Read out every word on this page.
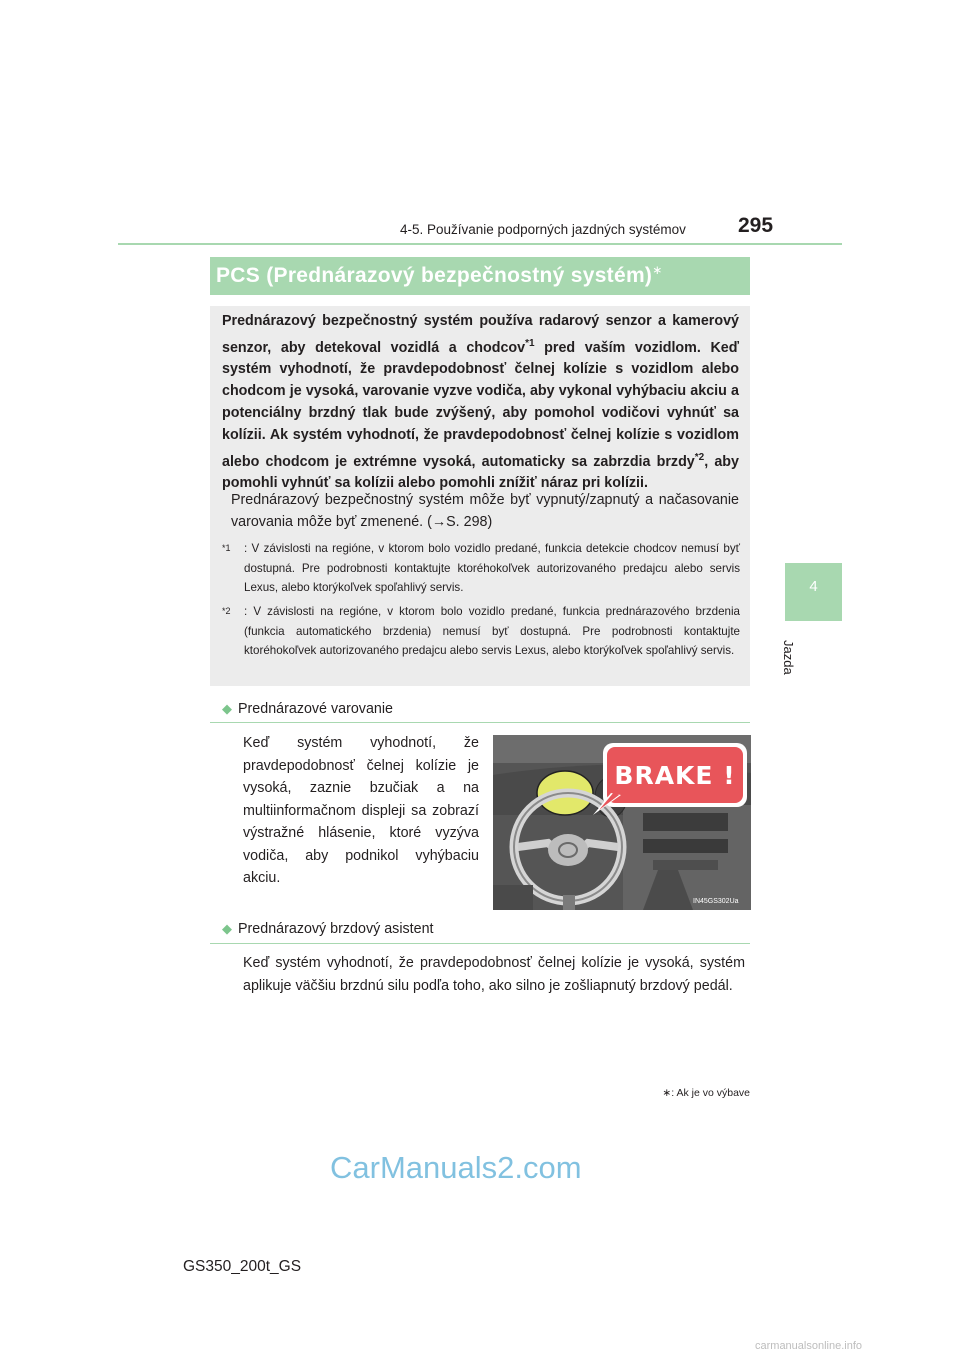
4-5. Používanie podporných jazdných systémov 295
4
Jazda
PCS (Prednárazový bezpečnostný systém)∗
Prednárazový bezpečnostný systém používa radarový senzor a kamerový senzor, aby detekoval vozidlá a chodcov$^{*1}$ pred vaším vozidlom. Keď systém vyhodnotí, že pravdepodobnosť čelnej kolízie s vozidlom alebo chodcom je vysoká, varovanie vyzve vodiča, aby vykonal vyhýbaciu akciu a potenciálny brzdný tlak bude zvýšený, aby pomohol vodičovi vyhnúť sa kolízii. Ak systém vyhodnotí, že pravdepodobnosť čelnej kolízie s vozidlom alebo chodcom je extrémne vysoká, automaticky sa zabrzdia brzdy$^{*2}$, aby pomohli vyhnúť sa kolízii alebo pomohli znížiť náraz pri kolízii.
Prednárazový bezpečnostný systém môže byť vypnutý/zapnutý a načasovanie varovania môže byť zmenené. (→S. 298)
$^{*1}$ : V závislosti na regióne, v ktorom bolo vozidlo predané, funkcia detekcie chodcov nemusí byť dostupná. Pre podrobnosti kontaktujte ktoréhokoľvek autorizovaného predajcu alebo servis Lexus, alebo ktorýkoľvek spoľahlivý servis.
$^{*2}$ : V závislosti na regióne, v ktorom bolo vozidlo predané, funkcia prednárazového brzdenia (funkcia automatického brzdenia) nemusí byť dostupná. Pre podrobnosti kontaktujte ktoréhokoľvek autorizovaného predajcu alebo servis Lexus, alebo ktorýkoľvek spoľahlivý servis.
◆ Prednárazové varovanie
Keď systém vyhodnotí, že pravdepodobnosť čelnej kolízie je vysoká, zaznie bzučiak a na multiinformačnom displeji sa zobrazí výstražné hlásenie, ktoré vyzýva vodiča, aby podnikol vyhýbaciu akciu.
BRAKE !
IN45GS302Ua
◆ Prednárazový brzdový asistent
Keď systém vyhodnotí, že pravdepodobnosť čelnej kolízie je vysoká, systém aplikuje väčšiu brzdnú silu podľa toho, ako silno je zošliapnutý brzdový pedál.
∗: Ak je vo výbave
CarManuals2.com
GS350_200t_GS
carmanualsonline.info
